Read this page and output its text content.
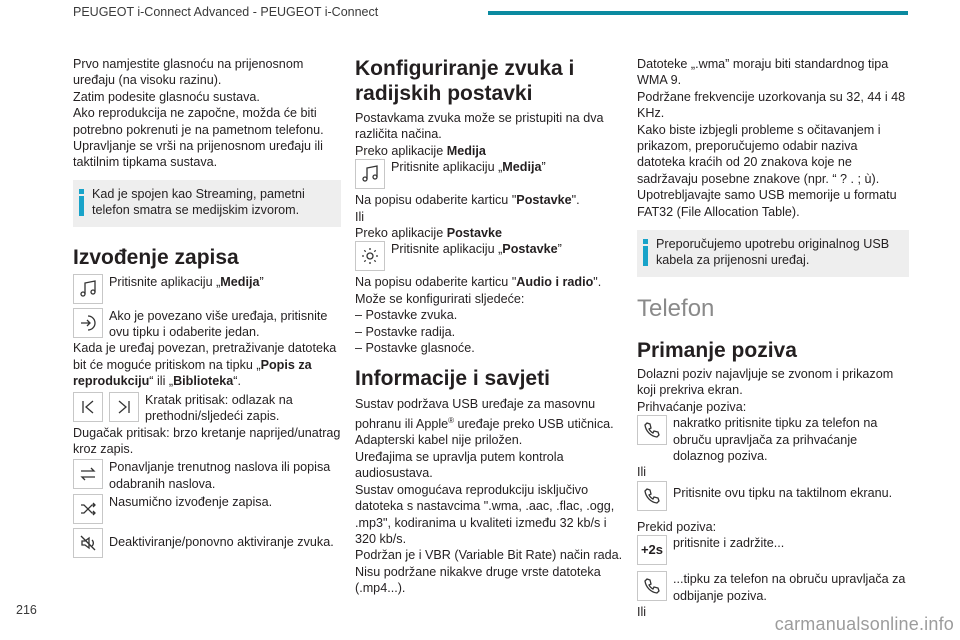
PEUGEOT i-Connect Advanced - PEUGEOT i-Connect

Prvo namjestite glasnoću na prijenosnom uređaju (na visoku razinu).

Zatim podesite glasnoću sustava.

Ako reprodukcija ne započne, možda će biti potrebno pokrenuti je na pametnom telefonu.

Upravljanje se vrši na prijenosnom uređaju ili taktilnim tipkama sustava.

Kad je spojen kao Streaming, pametni telefon smatra se medijskim izvorom.
Izvođenje zapisa
Pritisnite aplikaciju „Medija”
Ako je povezano više uređaja, pritisnite ovu tipku i odaberite jedan.

Kada je uređaj povezan, pretraživanje datoteka bit će moguće pritiskom na tipku „Popis za reprodukciju“ ili „Biblioteka“.

Kratak pritisak: odlazak na prethodni/sljedeći zapis.

Dugačak pritisak: brzo kretanje naprijed/unatrag kroz zapis.

Ponavljanje trenutnog naslova ili popisa odabranih naslova.
Nasumično izvođenje zapisa.
Deaktiviranje/ponovno aktiviranje zvuka.
Konfiguriranje zvuka i radijskih postavki

Postavkama zvuka može se pristupiti na dva različita načina.

Preko aplikacije Medija

Pritisnite aplikaciju „Medija”

Na popisu odaberite karticu "Postavke".

Ili

Preko aplikacije Postavke

Pritisnite aplikaciju „Postavke”

Na popisu odaberite karticu "Audio i radio".

Može se konfigurirati sljedeće:

– Postavke zvuka.

– Postavke radija.

– Postavke glasnoće.

Informacije i savjeti

Sustav podržava USB uređaje za masovnu pohranu ili Apple® uređaje preko USB utičnica.

Adapterski kabel nije priložen.

Uređajima se upravlja putem kontrola audiosustava.

Sustav omogućava reprodukciju isključivo datoteka s nastavcima ".wma, .aac, .flac, .ogg, .mp3", kodiranima u kvaliteti između 32 kb/s i 320 kb/s.

Podržan je i VBR (Variable Bit Rate) način rada.

Nisu podržane nikakve druge vrste datoteka (.mp4...).

Datoteke „.wma” moraju biti standardnog tipa WMA 9.

Podržane frekvencije uzorkovanja su 32, 44 i 48 KHz.

Kako biste izbjegli probleme s očitavanjem i prikazom, preporučujemo odabir naziva datoteka kraćih od 20 znakova koje ne sadržavaju posebne znakove (npr. “ ? . ; ù).

Upotrebljavajte samo USB memorije u formatu FAT32 (File Allocation Table).

Preporučujemo upotrebu originalnog USB kabela za prijenosni uređaj.
Telefon
Primanje poziva

Dolazni poziv najavljuje se zvonom i prikazom koji prekriva ekran.

Prihvaćanje poziva:

nakratko pritisnite tipku za telefon na obruču upravljača za prihvaćanje dolaznog poziva.

Ili

Pritisnite ovu tipku na taktilnom ekranu.

Prekid poziva:

+2s pritisnite i zadržite...
...tipku za telefon na obruču upravljača za odbijanje poziva.

Ili

216
carmanualsonline.info
